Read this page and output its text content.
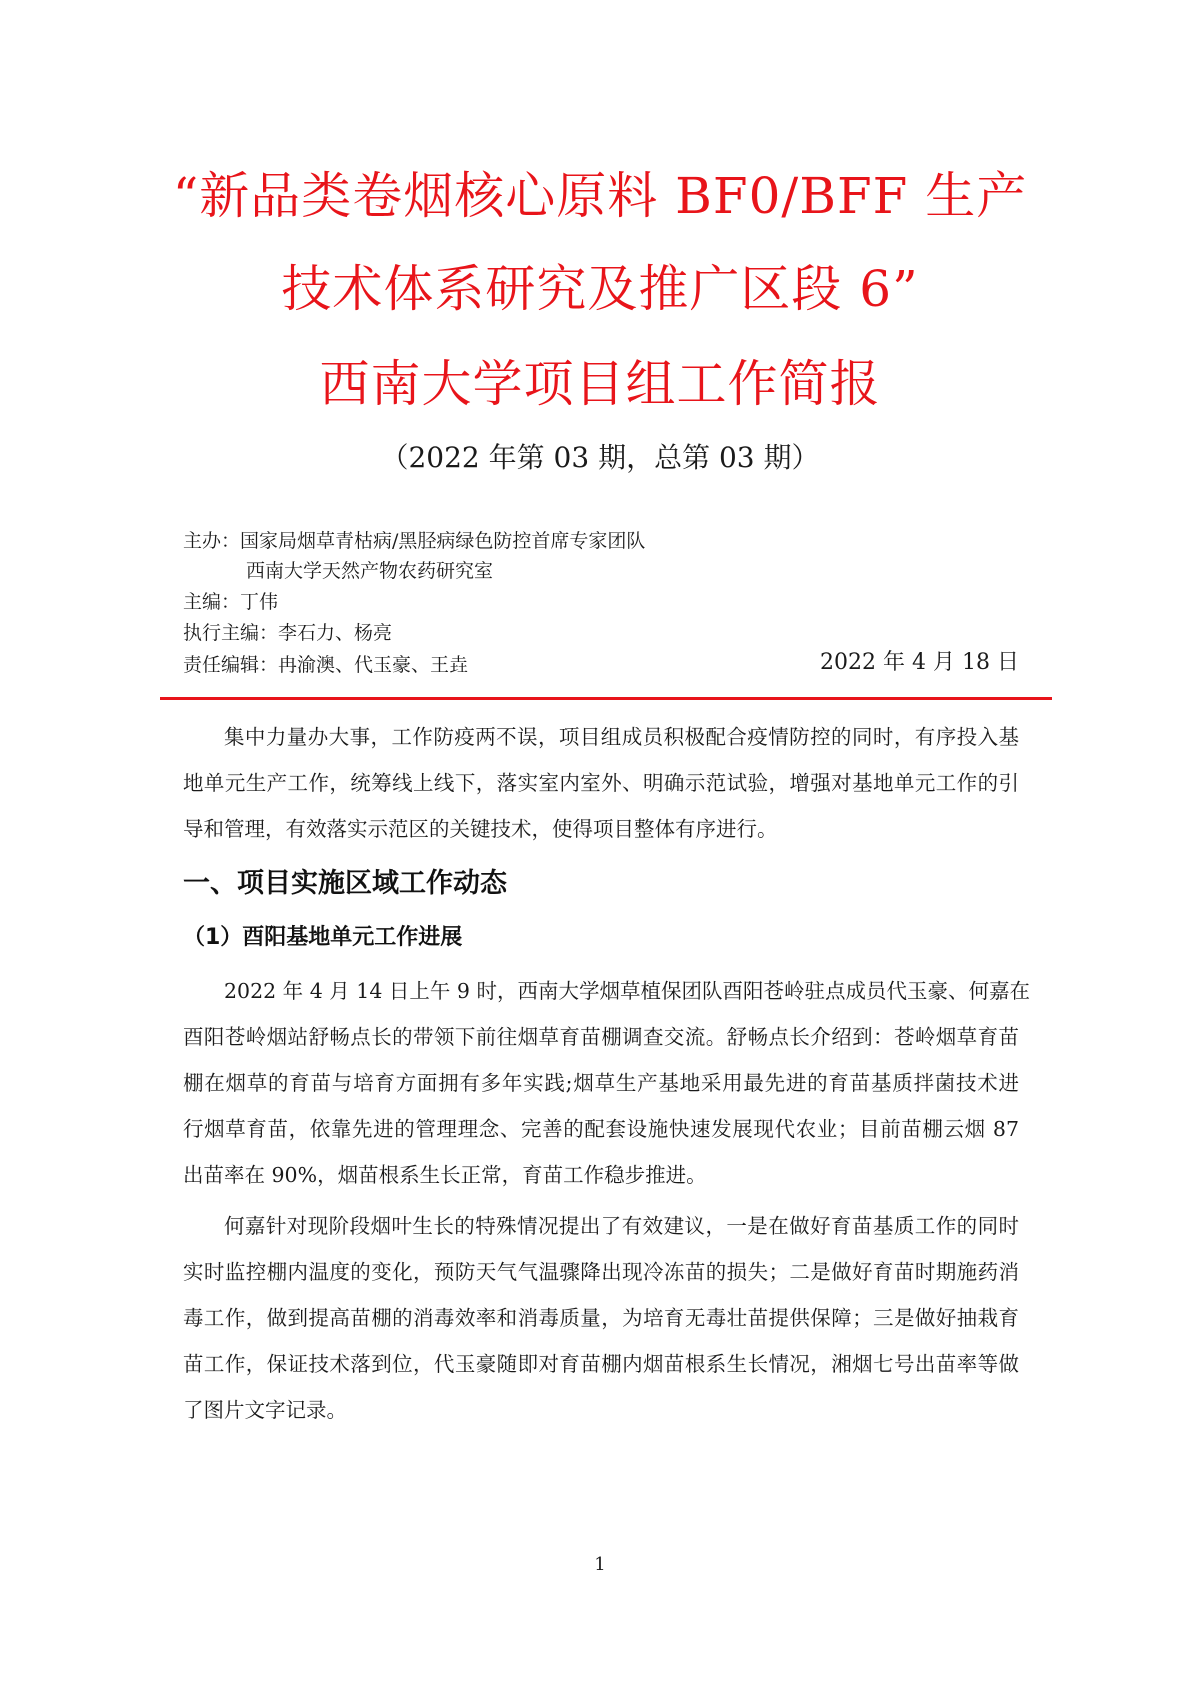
“新品类卷烟核心原料 BF0/BFF 生产
技术体系研究及推广区段 6”
西南大学项目组工作简报
（2022 年第 03 期，总第 03 期）
主办：国家局烟草青枯病/黑胫病绿色防控首席专家团队
西南大学天然产物农药研究室
主编：丁伟
执行主编：李石力、杨亮
责任编辑：冉渝澳、代玉豪、王垚	2022 年 4 月 18 日
集中力量办大事，工作防疫两不误，项目组成员积极配合疫情防控的同时，有序投入基
地单元生产工作，统筹线上线下，落实室内室外、明确示范试验，增强对基地单元工作的引
导和管理，有效落实示范区的关键技术，使得项目整体有序进行。
一、项目实施区域工作动态
（1）酉阳基地单元工作进展
2022 年 4 月 14 日上午 9 时，西南大学烟草植保团队酉阳苍岭驻点成员代玉豪、何嘉在
酉阳苍岭烟站舒畅点长的带领下前往烟草育苗棚调查交流。舒畅点长介绍到：苍岭烟草育苗
棚在烟草的育苗与培育方面拥有多年实践;烟草生产基地采用最先进的育苗基质拌菌技术进
行烟草育苗，依靠先进的管理理念、完善的配套设施快速发展现代农业；目前苗棚云烟 87
出苗率在 90%，烟苗根系生长正常，育苗工作稳步推进。
何嘉针对现阶段烟叶生长的特殊情况提出了有效建议，一是在做好育苗基质工作的同时
实时监控棚内温度的变化，预防天气气温骤降出现冷冻苗的损失；二是做好育苗时期施药消
毒工作，做到提高苗棚的消毒效率和消毒质量，为培育无毒壮苗提供保障；三是做好抽栽育
苗工作，保证技术落到位，代玉豪随即对育苗棚内烟苗根系生长情况，湘烟七号出苗率等做
了图片文字记录。
1
